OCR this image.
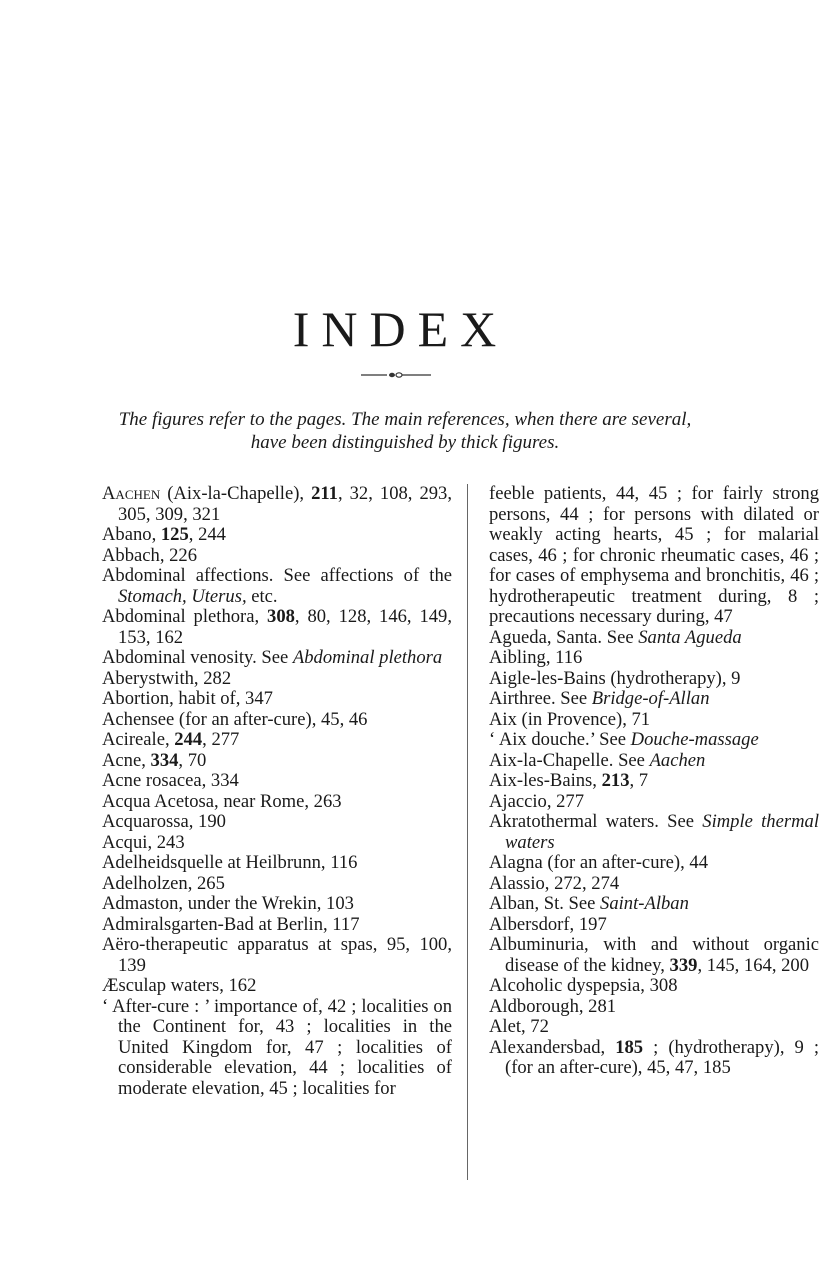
INDEX
The figures refer to the pages. The main references, when there are several, have been distinguished by thick figures.

Aachen (Aix-la-Chapelle), 211, 32, 108, 293, 305, 309, 321

Abano, 125, 244

Abbach, 226

Abdominal affections. See affections of the Stomach, Uterus, etc.

Abdominal plethora, 308, 80, 128, 146, 149, 153, 162

Abdominal venosity. See Abdominal plethora

Aberystwith, 282

Abortion, habit of, 347

Achensee (for an after-cure), 45, 46

Acireale, 244, 277

Acne, 334, 70

Acne rosacea, 334

Acqua Acetosa, near Rome, 263

Acquarossa, 190

Acqui, 243

Adelheidsquelle at Heilbrunn, 116

Adelholzen, 265

Admaston, under the Wrekin, 103

Admiralsgarten-Bad at Berlin, 117

Aëro-therapeutic apparatus at spas, 95, 100, 139

Æsculap waters, 162

‘ After-cure : ’ importance of, 42 ; localities on the Continent for, 43 ; localities in the United Kingdom for, 47 ; localities of considerable elevation, 44 ; localities of moderate elevation, 45 ; localities for

feeble patients, 44, 45 ; for fairly strong persons, 44 ; for persons with dilated or weakly acting hearts, 45 ; for malarial cases, 46 ; for chronic rheumatic cases, 46 ; for cases of emphysema and bronchitis, 46 ; hydrotherapeutic treatment during, 8 ; precautions necessary during, 47

Agueda, Santa. See Santa Agueda

Aibling, 116

Aigle-les-Bains (hydrotherapy), 9

Airthree. See Bridge-of-Allan

Aix (in Provence), 71

‘ Aix douche.’ See Douche-massage

Aix-la-Chapelle. See Aachen

Aix-les-Bains, 213, 7

Ajaccio, 277

Akratothermal waters. See Simple thermal waters

Alagna (for an after-cure), 44

Alassio, 272, 274

Alban, St. See Saint-Alban

Albersdorf, 197

Albuminuria, with and without organic disease of the kidney, 339, 145, 164, 200

Alcoholic dyspepsia, 308

Aldborough, 281

Alet, 72

Alexandersbad, 185 ; (hydrotherapy), 9 ; (for an after-cure), 45, 47, 185
